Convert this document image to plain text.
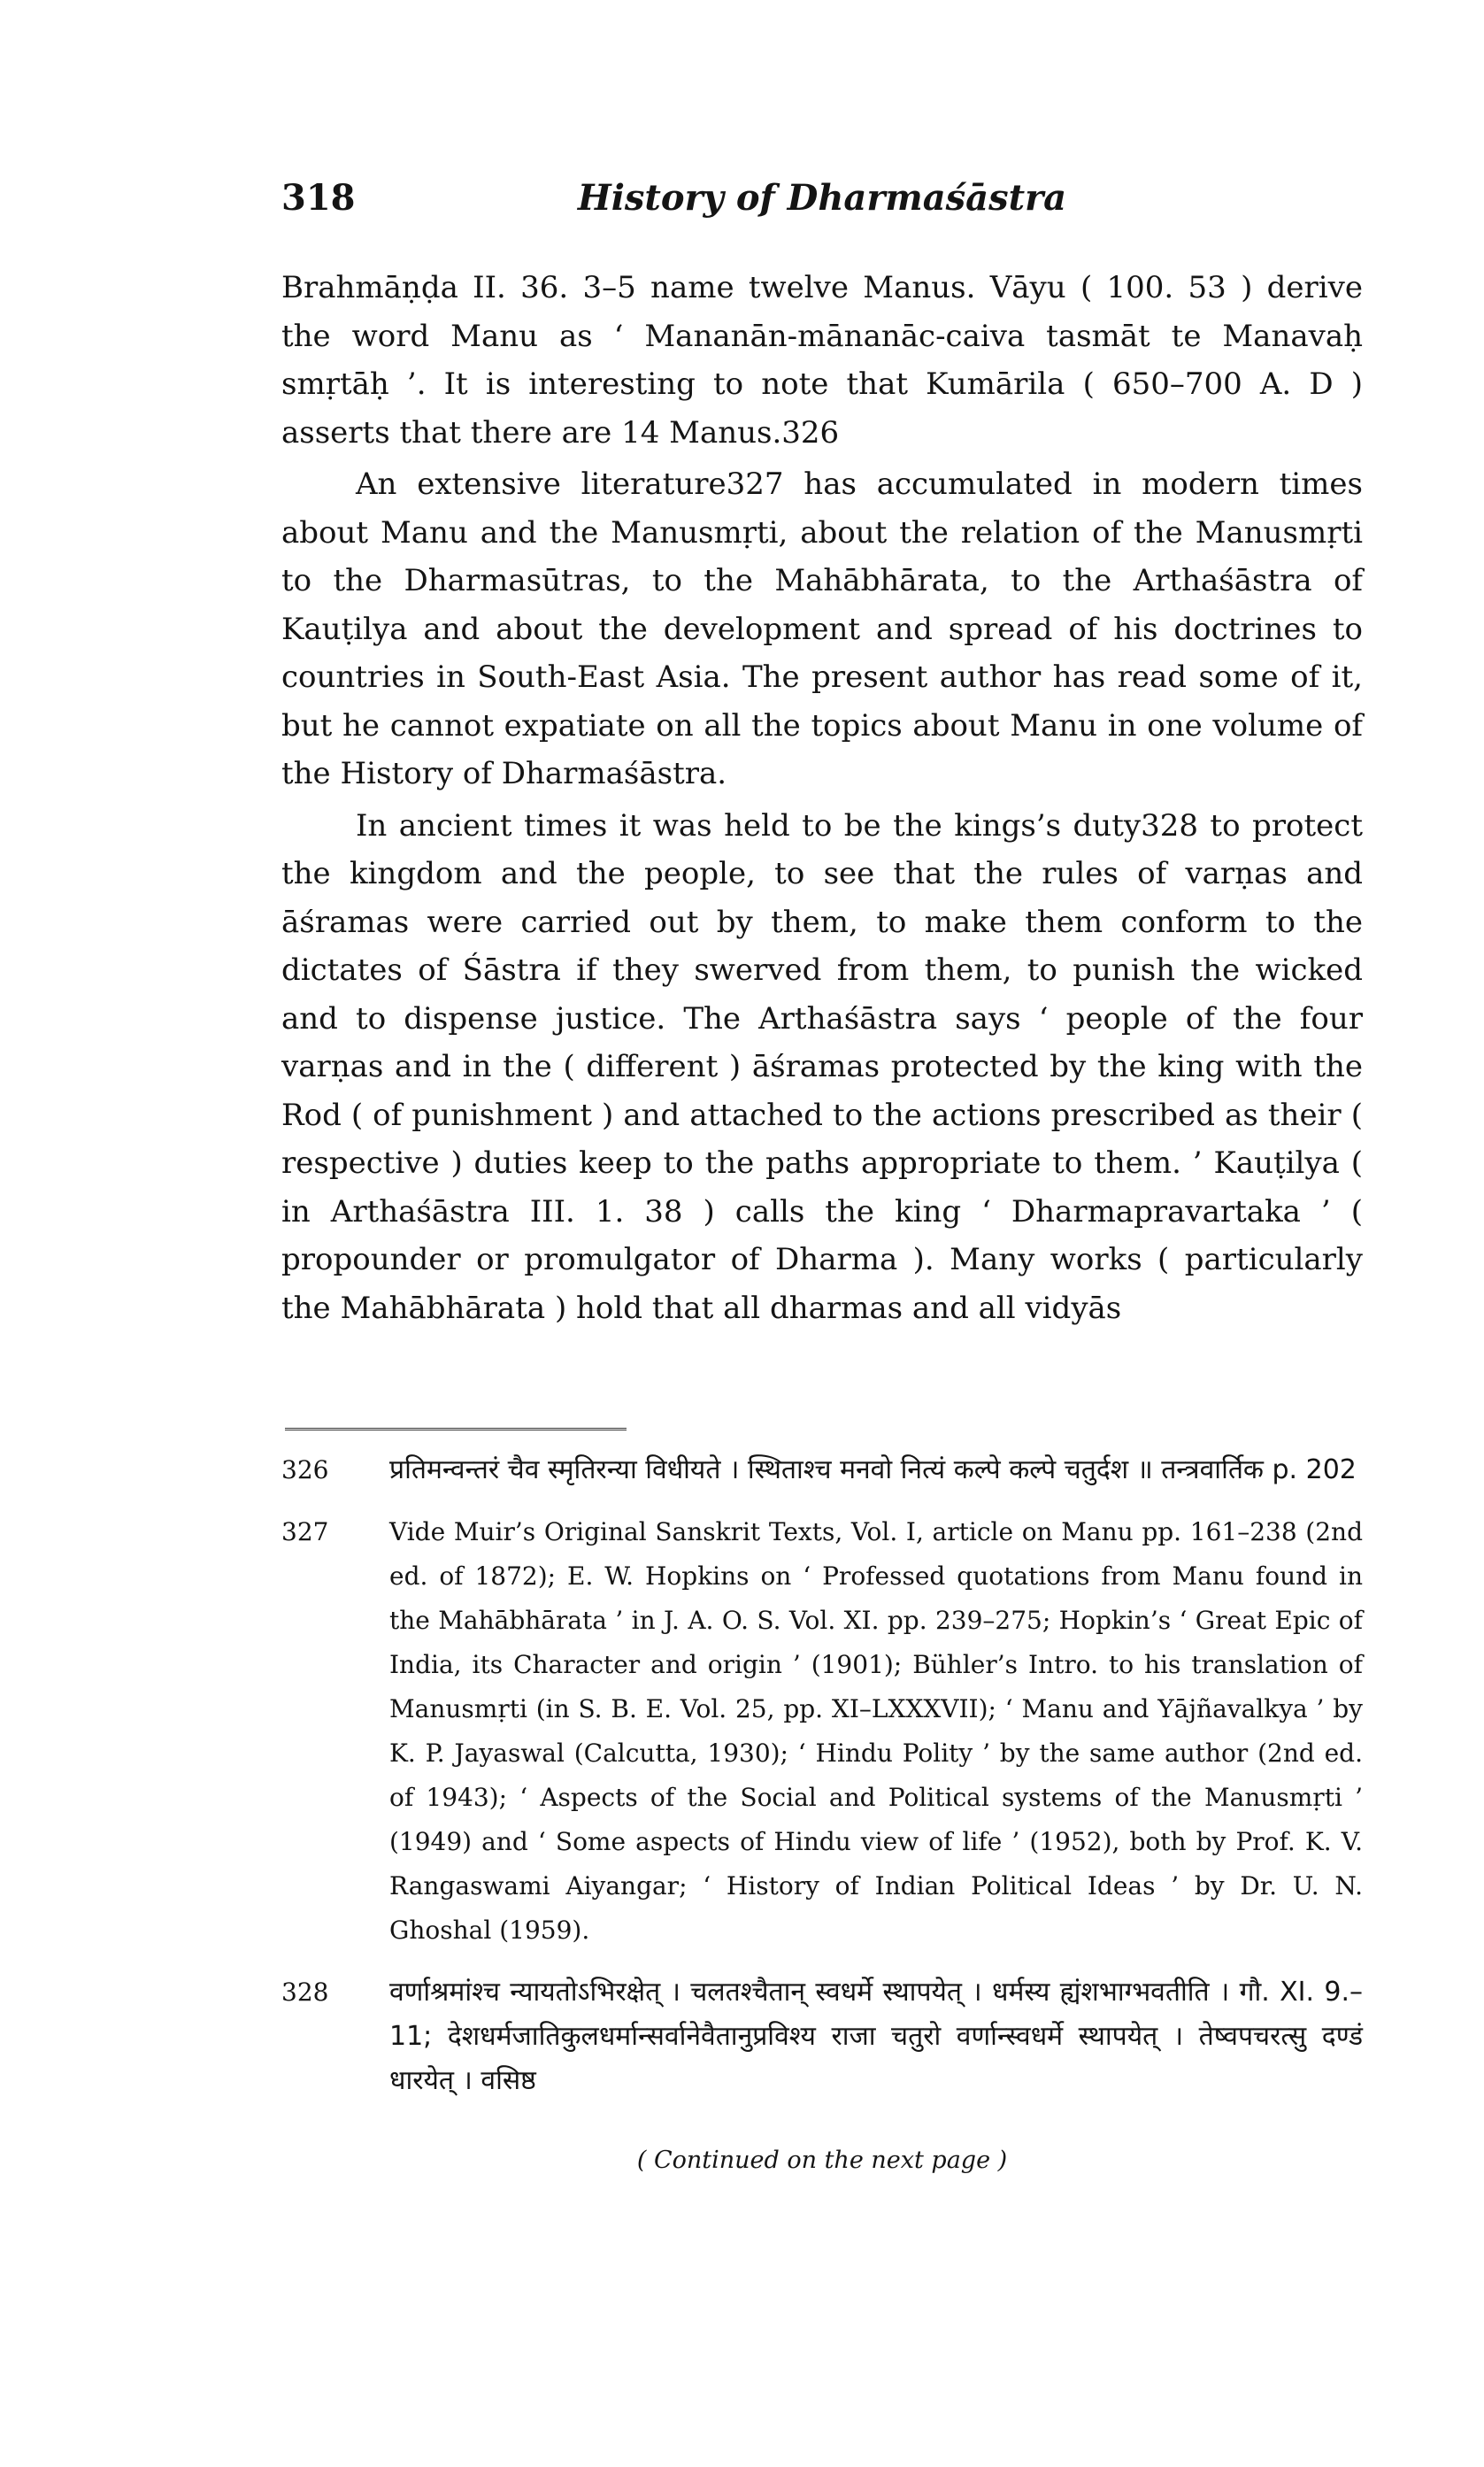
318	History of Dharmaśāstra

Brahmāṇḍa II. 36. 3–5 name twelve Manus. Vāyu ( 100. 53 ) derive the word Manu as ‘ Mananān-mānanāc-caiva tasmāt te Manavaḥ smṛtāḥ ’. It is interesting to note that Kumārila ( 650–700 A. D ) asserts that there are 14 Manus.326

An extensive literature327 has accumulated in modern times about Manu and the Manusmṛti, about the relation of the Manusmṛti to the Dharmasūtras, to the Mahābhārata, to the Arthaśāstra of Kauṭilya and about the development and spread of his doctrines to countries in South-East Asia. The present author has read some of it, but he cannot expatiate on all the topics about Manu in one volume of the History of Dharmaśāstra.

In ancient times it was held to be the kings’s duty328 to protect the kingdom and the people, to see that the rules of varṇas and āśramas were carried out by them, to make them conform to the dictates of Śāstra if they swerved from them, to punish the wicked and to dispense justice. The Arthaśāstra says ‘ people of the four varṇas and in the ( different ) āśramas protected by the king with the Rod ( of punishment ) and attached to the actions prescribed as their ( respective ) duties keep to the paths appropriate to them. ’ Kauṭilya ( in Arthaśāstra III. 1. 38 ) calls the king ‘ Dharmapravartaka ’ ( propounder or promulgator of Dharma ). Many works ( particularly the Mahābhārata ) hold that all dharmas and all vidyās

326 प्रतिमन्वन्तरं चैव स्मृतिरन्या विधीयते । स्थिताश्च मनवो नित्यं कल्पे कल्पे चतुर्दश ॥ तन्त्रवार्तिक p. 202
327 Vide Muir’s Original Sanskrit Texts, Vol. I, article on Manu pp. 161–238 (2nd ed. of 1872); E. W. Hopkins on ‘ Professed quotations from Manu found in the Mahābhārata ’ in J. A. O. S. Vol. XI. pp. 239–275; Hopkin’s ‘ Great Epic of India, its Character and origin ’ (1901); Bühler’s Intro. to his translation of Manusmṛti (in S. B. E. Vol. 25, pp. XI–LXXXVII); ‘ Manu and Yājñavalkya ’ by K. P. Jayaswal (Calcutta, 1930); ‘ Hindu Polity ’ by the same author (2nd ed. of 1943); ‘ Aspects of the Social and Political systems of the Manusmṛti ’ (1949) and ‘ Some aspects of Hindu view of life ’ (1952), both by Prof. K. V. Rangaswami Aiyangar; ‘ History of Indian Political Ideas ’ by Dr. U. N. Ghoshal (1959).
328 वर्णाश्रमांश्च न्यायतोऽभिरक्षेत् । चलतश्चैतान् स्वधर्मे स्थापयेत् । धर्मस्य ह्यंशभाग्भवतीति । गौ. XI. 9.–11; देशधर्मजातिकुलधर्मान्सर्वानेवैतानुप्रविश्य राजा चतुरो वर्णान्स्वधर्मे स्थापयेत् । तेष्वपचरत्सु दण्डं धारयेत् । वसिष्ठ
( Continued on the next page )
